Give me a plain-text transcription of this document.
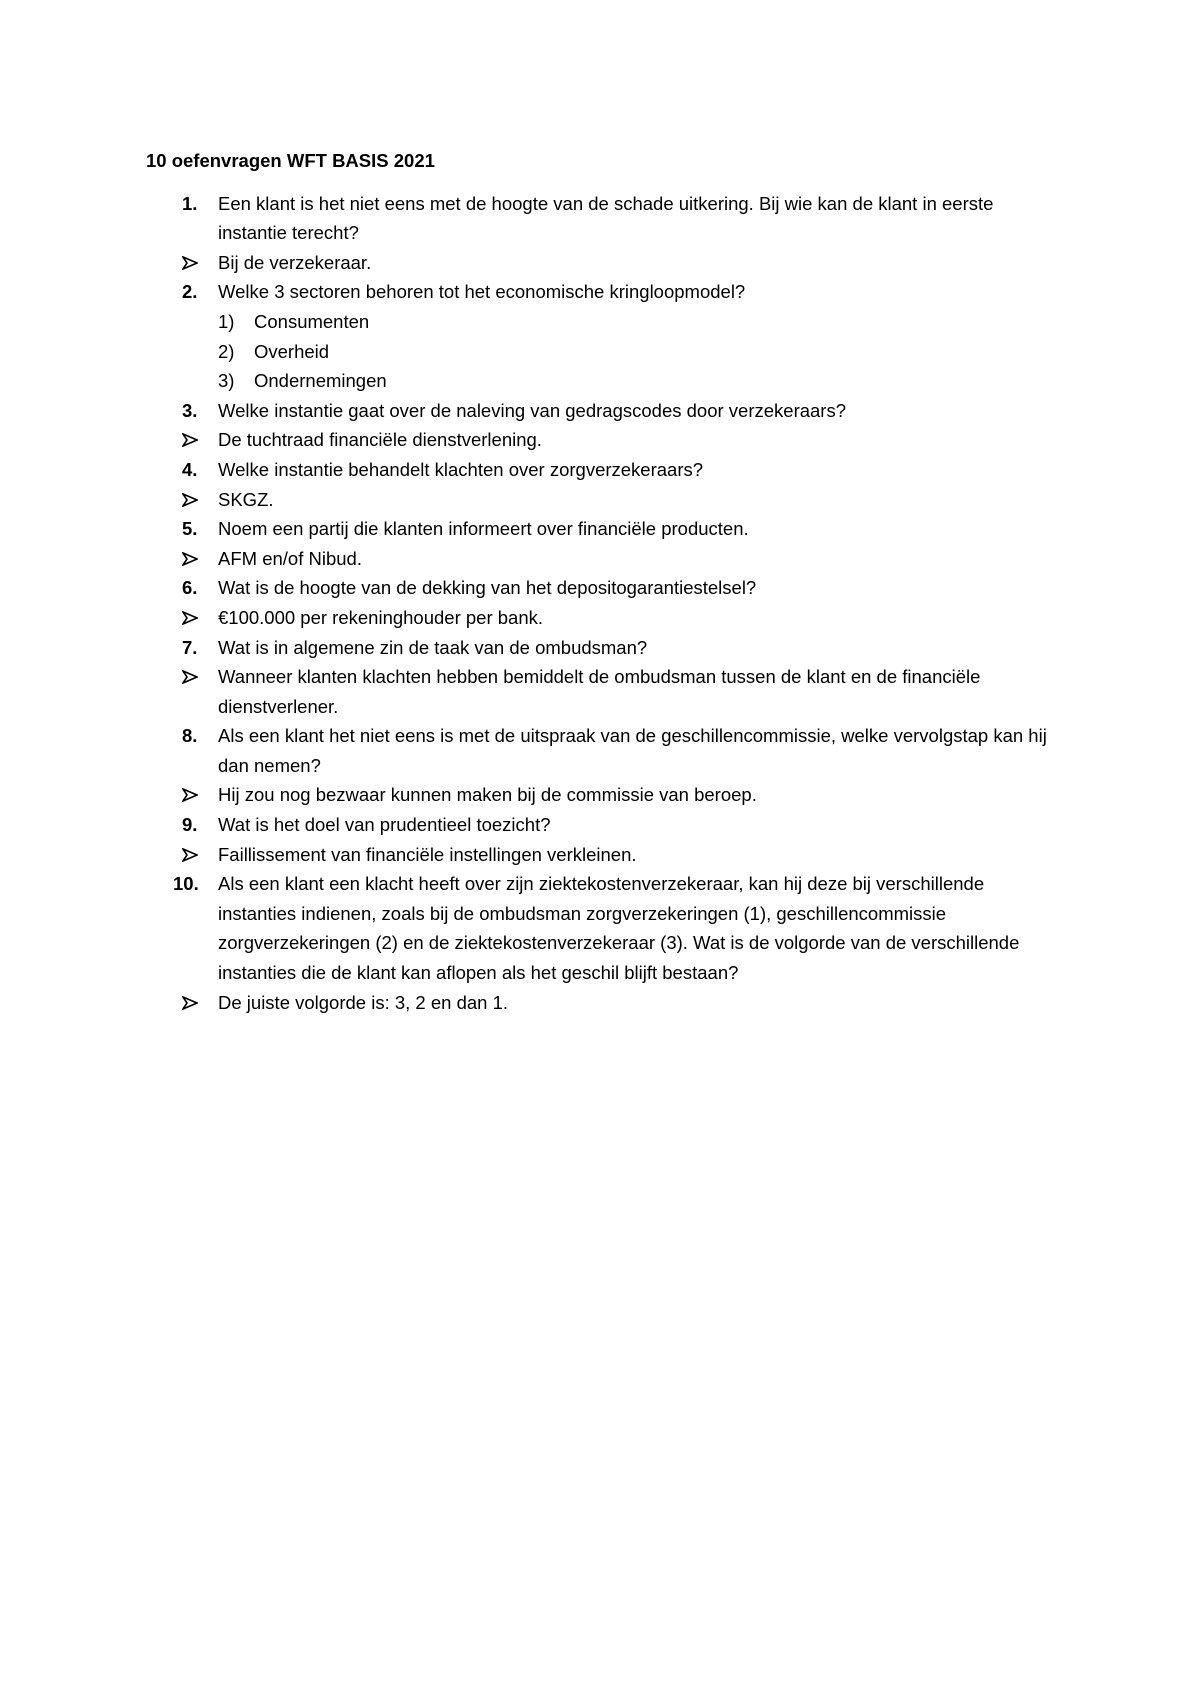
10 oefenvragen WFT BASIS 2021
1. Een klant is het niet eens met de hoogte van de schade uitkering. Bij wie kan de klant in eerste instantie terecht?
Bij de verzekeraar.
2. Welke 3 sectoren behoren tot het economische kringloopmodel?
1) Consumenten
2) Overheid
3) Ondernemingen
3. Welke instantie gaat over de naleving van gedragscodes door verzekeraars?
De tuchtraad financiële dienstverlening.
4. Welke instantie behandelt klachten over zorgverzekeraars?
SKGZ.
5. Noem een partij die klanten informeert over financiële producten.
AFM en/of Nibud.
6. Wat is de hoogte van de dekking van het depositogarantiestelsel?
€100.000 per rekeninghouder per bank.
7. Wat is in algemene zin de taak van de ombudsman?
Wanneer klanten klachten hebben bemiddelt de ombudsman tussen de klant en de financiële dienstverlener.
8. Als een klant het niet eens is met de uitspraak van de geschillencommissie, welke vervolgstap kan hij dan nemen?
Hij zou nog bezwaar kunnen maken bij de commissie van beroep.
9. Wat is het doel van prudentieel toezicht?
Faillissement van financiële instellingen verkleinen.
10. Als een klant een klacht heeft over zijn ziektekostenverzekeraar, kan hij deze bij verschillende instanties indienen, zoals bij de ombudsman zorgverzekeringen (1), geschillencommissie zorgverzekeringen (2) en de ziektekostenverzekeraar (3). Wat is de volgorde van de verschillende instanties die de klant kan aflopen als het geschil blijft bestaan?
De juiste volgorde is: 3, 2 en dan 1.
